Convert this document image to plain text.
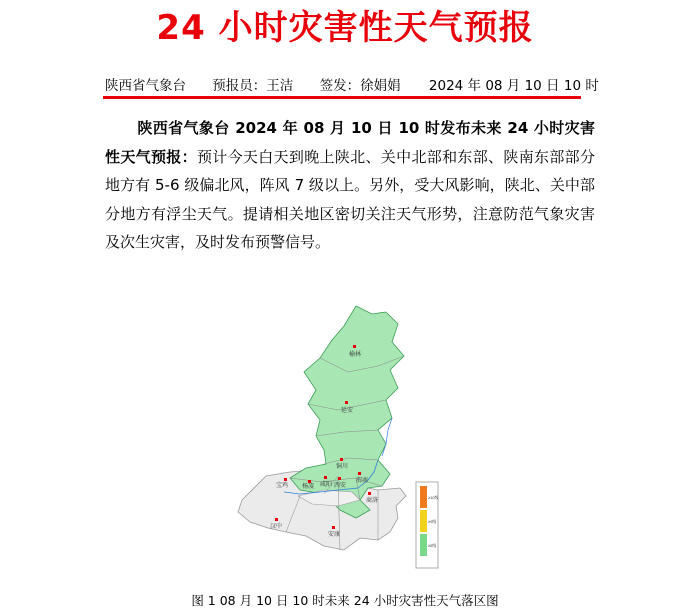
24 小时灾害性天气预报
陕西省气象台 预报员：王洁 签发：徐娟娟 2024 年 08 月 10 日 10 时
陕西省气象台 2024 年 08 月 10 日 10 时发布未来 24 小时灾害性天气预报：预计今天白天到晚上陕北、关中北部和东部、陕南东部部分地方有 5-6 级偏北风，阵风 7 级以上。另外，受大风影响，陕北、关中部分地方有浮尘天气。提请相关地区密切关注天气形势，注意防范气象灾害及次生灾害，及时发布预警信号。
榆林
延安
铜川
渭南
西安
宝鸡	咸阳
杨凌
汉中
安康
商洛
≥10级
≥9级
≥5级
图 1 08 月 10 日 10 时未来 24 小时灾害性天气落区图
